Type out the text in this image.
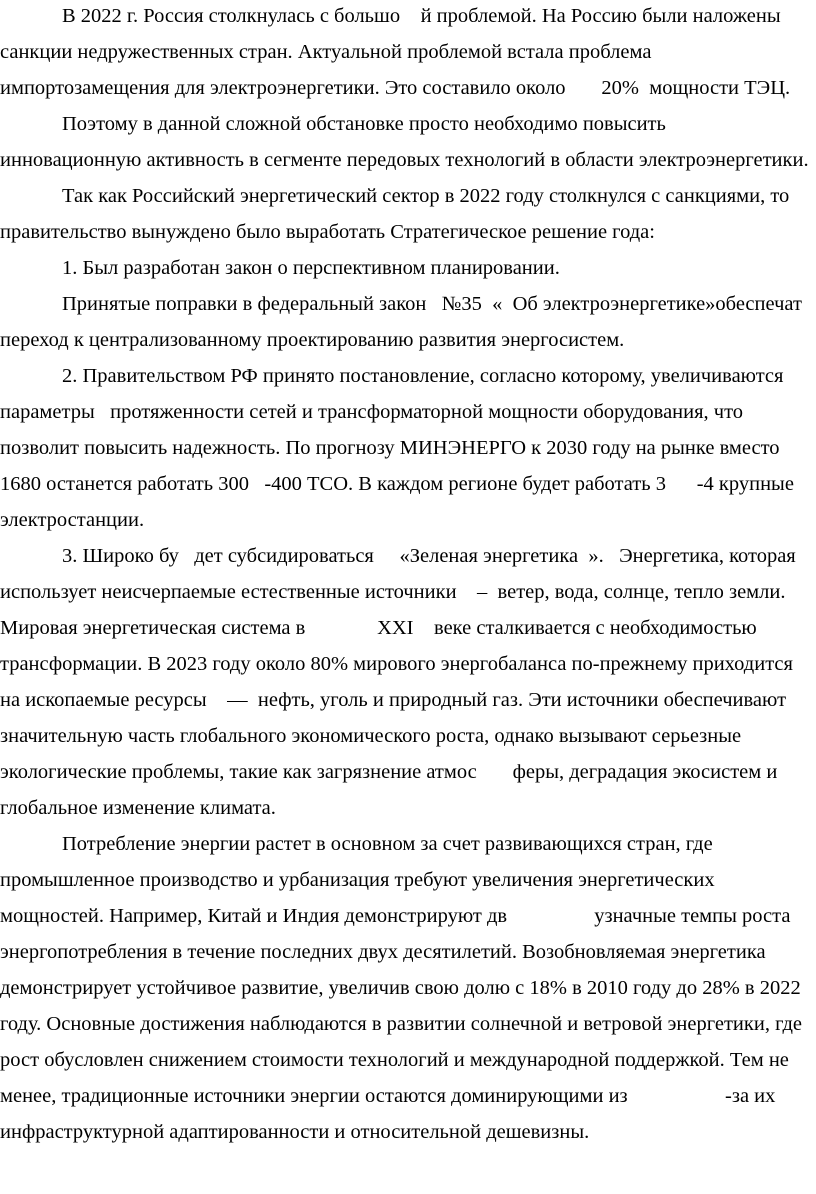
В 2022 г. Россия столкнулась с большо    й проблемой. На Россию были наложены
санкции недружественных стран. Актуальной проблемой встала проблема
импортозамещения для электроэнергетики. Это составило около       20%  мощности ТЭЦ.
Поэтому в данной сложной обстановке просто необходимо повысить
инновационную активность в сегменте передовых технологий в области электроэнергетики.
Так как Российский энергетический сектор в 2022 году столкнулся с санкциями, то
правительство вынуждено было выработать Стратегическое решение года:
1. Был разработан закон о перспективном планировании.
Принятые поправки в федеральный закон   №35  «  Об электроэнергетике»обеспечат
переход к централизованному проектированию развития энергосистем.
2. Правительством РФ принято постановление, согласно которому, увеличиваются
параметры   протяженности сетей и трансформаторной мощности оборудования, что
позволит повысить надежность. По прогнозу МИНЭНЕРГО к 2030 году на рынке вместо
1680 останется работать 300   -400 ТСО. В каждом регионе будет работать 3      -4 крупные
электростанции.
3. Широко бу   дет субсидироваться     «Зеленая энергетика  ».   Энергетика, которая
использует неисчерпаемые естественные источники    –  ветер, вода, солнце, тепло земли.
Мировая энергетическая система в              XXI    веке сталкивается с необходимостью
трансформации. В 2023 году около 80% мирового энергобаланса по-прежнему приходится
на ископаемые ресурсы    —  нефть, уголь и природный газ. Эти источники обеспечивают
значительную часть глобального экономического роста, однако вызывают серьезные
экологические проблемы, такие как загрязнение атмос       феры, деградация экосистем и
глобальное изменение климата.
Потребление энергии растет в основном за счет развивающихся стран, где
промышленное производство и урбанизация требуют увеличения энергетических
мощностей. Например, Китай и Индия демонстрируют дв                 узначные темпы роста
энергопотребления в течение последних двух десятилетий. Возобновляемая энергетика
демонстрирует устойчивое развитие, увеличив свою долю с 18% в 2010 году до 28% в 2022
году. Основные достижения наблюдаются в развитии солнечной и ветровой энергетики, где
рост обусловлен снижением стоимости технологий и международной поддержкой. Тем не
менее, традиционные источники энергии остаются доминирующими из                   -за их
инфраструктурной адаптированности и относительной дешевизны.
